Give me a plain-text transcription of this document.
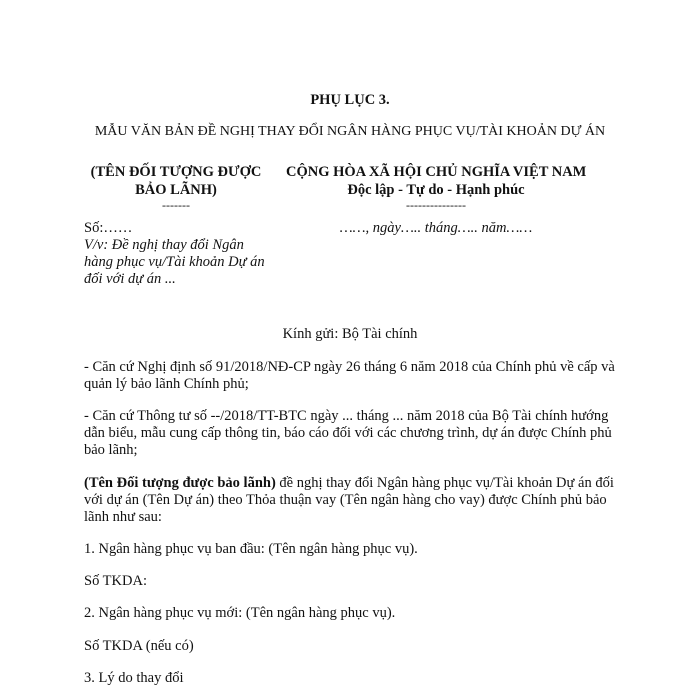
PHỤ LỤC 3.
MẪU VĂN BẢN ĐỀ NGHỊ THAY ĐỔI NGÂN HÀNG PHỤC VỤ/TÀI KHOẢN DỰ ÁN
(TÊN ĐỐI TƯỢNG ĐƯỢC
BẢO LÃNH)
-------
Số:……
V/v: Đề nghị thay đổi Ngân
hàng phục vụ/Tài khoản Dự án
đối với dự án ...
CỘNG HÒA XÃ HỘI CHỦ NGHĨA VIỆT NAM
Độc lập - Tự do - Hạnh phúc
---------------
……, ngày….. tháng….. năm……
Kính gửi: Bộ Tài chính
- Căn cứ Nghị định số 91/2018/NĐ-CP ngày 26 tháng 6 năm 2018 của Chính phủ về cấp và
quản lý bảo lãnh Chính phủ;
- Căn cứ Thông tư số --/2018/TT-BTC ngày ... tháng ... năm 2018 của Bộ Tài chính hướng
dẫn biểu, mẫu cung cấp thông tin, báo cáo đối với các chương trình, dự án được Chính phủ
bảo lãnh;
(Tên Đối tượng được bảo lãnh) đề nghị thay đổi Ngân hàng phục vụ/Tài khoản Dự án đối
với dự án (Tên Dự án) theo Thỏa thuận vay (Tên ngân hàng cho vay) được Chính phủ bảo
lãnh như sau:
1. Ngân hàng phục vụ ban đầu: (Tên ngân hàng phục vụ).
Số TKDA:
2. Ngân hàng phục vụ mới: (Tên ngân hàng phục vụ).
Số TKDA (nếu có)
3. Lý do thay đổi
